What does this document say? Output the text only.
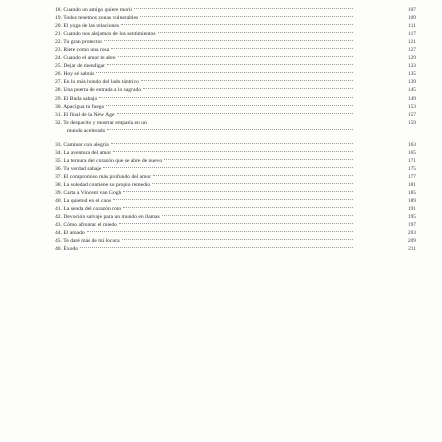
18. Cuando un amigo quiere morir	107
19. Todos tenemos zonas vulnerables	109
20. El yoga de las relaciones	111
21. Cuando nos alejamos de los sentimientos	117
22. Tu gran protector	121
23. Ríete como una rosa	127
24. Cuando el amor te abre	129
25. Dejar de mendigar	133
26. Hoy sé sabrás	135
27. En lo más hondo del lado tántrico	139
28. Una puerta de entrada a lo sagrado	145
29. El Buda sabajo	149
30. Apacigua tu fuego	153
31. El final de la New Age	157
32. Te despacito y mostrar empatía en un
mundo acelerado
159
33. Caminar con alegría	163
34. La aventura del amor	165
35. La ternura del corazón que se abre de nuevo	171
36. Tu verdad sabaje	175
37. El compromiso más profundo del amor	177
38. La soledad contiene su propio remedio	181
39. Carta a Vincent van Gogh	185
40. La quietud en el caos	189
41. La senda del corazón roto	191
42. Devoción salvaje para un mundo en llamas	195
43. Cómo afrontar el miedo	197
44. El amado	203
45. Te daré más de mi locura	209
46. Éxodo	211
